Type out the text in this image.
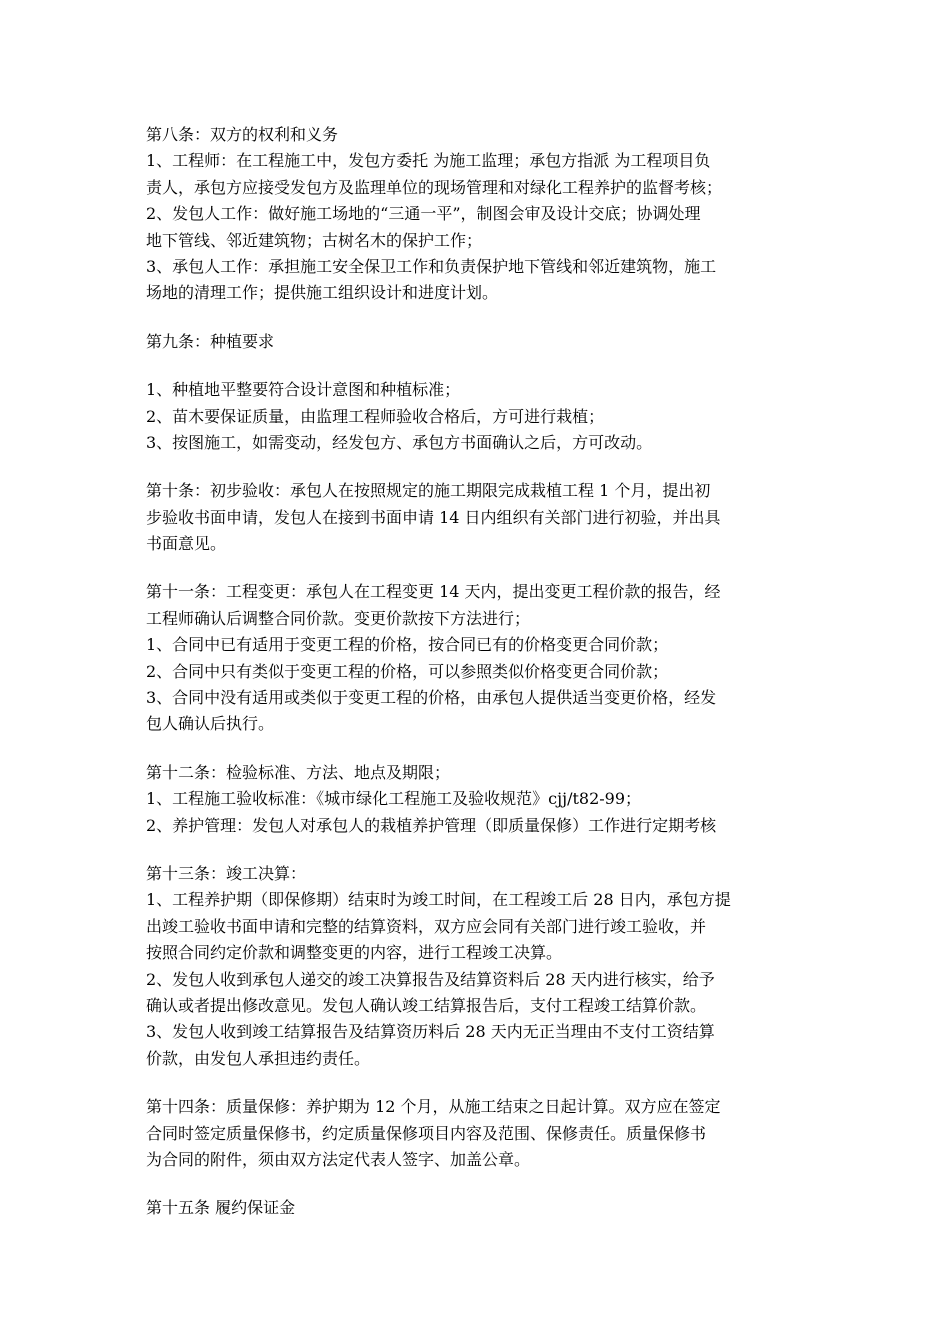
第八条：双方的权利和义务
1、工程师：在工程施工中，发包方委托 为施工监理；承包方指派 为工程项目负
责人，承包方应接受发包方及监理单位的现场管理和对绿化工程养护的监督考核；
2、发包人工作：做好施工场地的“三通一平”，制图会审及设计交底；协调处理
地下管线、邻近建筑物；古树名木的保护工作；
3、承包人工作：承担施工安全保卫工作和负责保护地下管线和邻近建筑物，施工
场地的清理工作；提供施工组织设计和进度计划。
第九条：种植要求
1、种植地平整要符合设计意图和种植标准；
2、苗木要保证质量，由监理工程师验收合格后，方可进行栽植；
3、按图施工，如需变动，经发包方、承包方书面确认之后，方可改动。
第十条：初步验收：承包人在按照规定的施工期限完成栽植工程 1 个月，提出初
步验收书面申请，发包人在接到书面申请 14 日内组织有关部门进行初验，并出具
书面意见。
第十一条：工程变更：承包人在工程变更 14 天内，提出变更工程价款的报告，经
工程师确认后调整合同价款。变更价款按下方法进行；
1、合同中已有适用于变更工程的价格，按合同已有的价格变更合同价款；
2、合同中只有类似于变更工程的价格，可以参照类似价格变更合同价款；
3、合同中没有适用或类似于变更工程的价格，由承包人提供适当变更价格，经发
包人确认后执行。
第十二条：检验标准、方法、地点及期限；
1、工程施工验收标准：《城市绿化工程施工及验收规范》cjj/t82-99；
2、养护管理：发包人对承包人的栽植养护管理（即质量保修）工作进行定期考核
第十三条：竣工决算：
1、工程养护期（即保修期）结束时为竣工时间，在工程竣工后 28 日内，承包方提
出竣工验收书面申请和完整的结算资料，双方应会同有关部门进行竣工验收，并
按照合同约定价款和调整变更的内容，进行工程竣工决算。
2、发包人收到承包人递交的竣工决算报告及结算资料后 28 天内进行核实，给予
确认或者提出修改意见。发包人确认竣工结算报告后，支付工程竣工结算价款。
3、发包人收到竣工结算报告及结算资历料后 28 天内无正当理由不支付工资结算
价款，由发包人承担违约责任。
第十四条：质量保修：养护期为 12 个月，从施工结束之日起计算。双方应在签定
合同时签定质量保修书，约定质量保修项目内容及范围、保修责任。质量保修书
为合同的附件，须由双方法定代表人签字、加盖公章。
第十五条 履约保证金
